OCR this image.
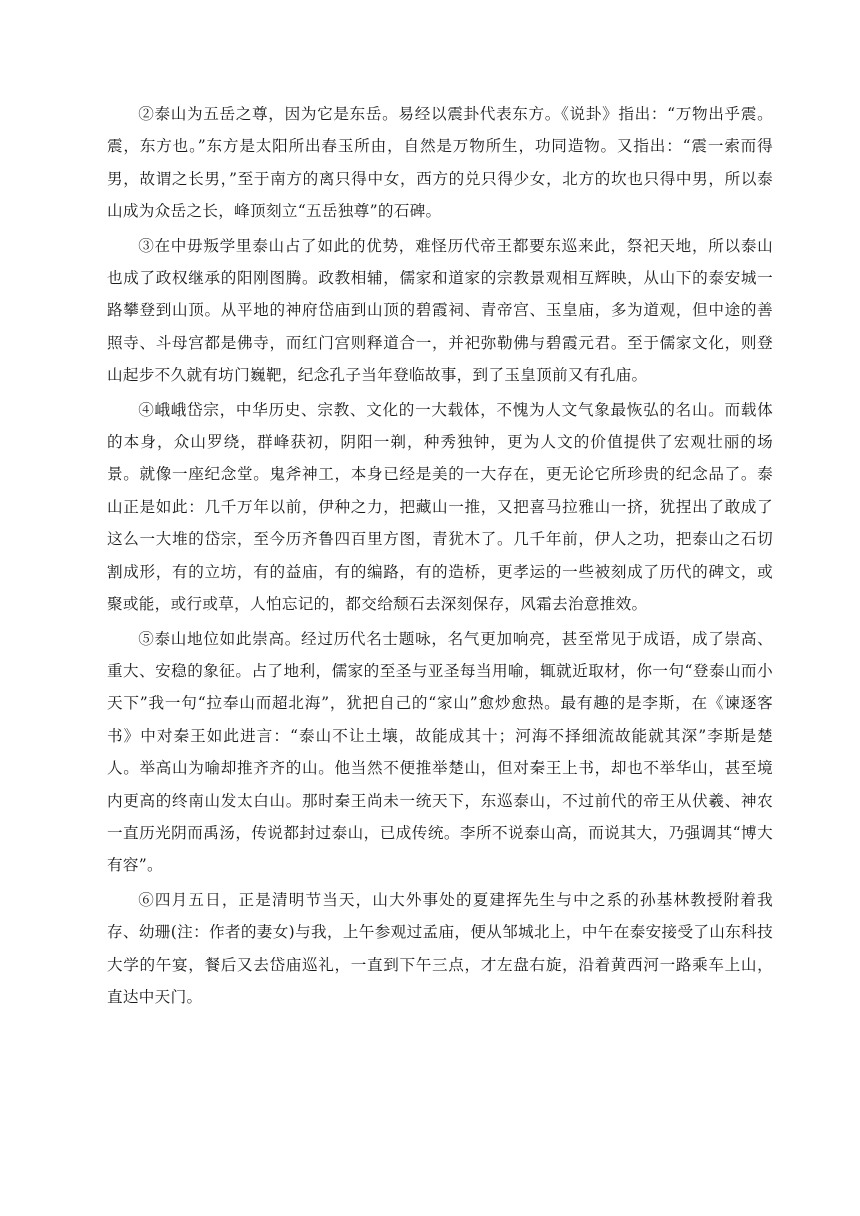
②泰山为五岳之尊，因为它是东岳。易经以震卦代表东方。《说卦》指出：“万物出乎震。震，东方也。”东方是太阳所出春玉所由，自然是万物所生，功同造物。又指出：“震一索而得男，故谓之长男，”至于南方的离只得中女，西方的兑只得少女，北方的坎也只得中男，所以泰山成为众岳之长，峰顶刻立“五岳独尊”的石碑。

③在中毋叛学里泰山占了如此的优势，难怪历代帝王都要东巡来此，祭祀天地，所以泰山也成了政权继承的阳刚图腾。政教相辅，儒家和道家的宗教景观相互辉映，从山下的泰安城一路攀登到山顶。从平地的神府岱庙到山顶的碧霞祠、青帝宫、玉皇庙，多为道观，但中途的善照寺、斗母宫都是佛寺，而红门宫则释道合一，并祀弥勒佛与碧霞元君。至于儒家文化，则登山起步不久就有坊门巍靶，纪念孔子当年登临故事，到了玉皇顶前又有孔庙。

④峨峨岱宗，中华历史、宗教、文化的一大载体，不愧为人文气象最恢弘的名山。而载体的本身，众山罗绕，群峰获初，阴阳一剃，种秀独钟，更为人文的价值提供了宏观壮丽的场景。就像一座纪念堂。鬼斧神工，本身已经是美的一大存在，更无论它所珍贵的纪念品了。泰山正是如此：几千万年以前，伊种之力，把藏山一推，又把喜马拉雅山一挤，犹捏出了敢成了这么一大堆的岱宗，至今历齐鲁四百里方图，青犹木了。几千年前，伊人之功，把泰山之石切割成形，有的立坊，有的益庙，有的编路，有的造桥，更孝运的一些被刻成了历代的碑文，或聚或能，或行或草，人怕忘记的，都交给颓石去深刻保存，风霜去治意推效。

⑤泰山地位如此崇高。经过历代名士题咏，名气更加响亮，甚至常见于成语，成了崇高、重大、安稳的象征。占了地利，儒家的至圣与亚圣每当用喻，辄就近取材，你一句“登泰山而小天下”我一句“拉奉山而超北海”，犹把自己的“家山”愈炒愈热。最有趣的是李斯，在《谏逐客书》中对秦王如此进言：“泰山不让土壤，故能成其十；河海不择细流故能就其深”李斯是楚人。举高山为喻却推齐齐的山。他当然不便推举楚山，但对秦王上书，却也不举华山，甚至境内更高的终南山发太白山。那时秦王尚未一统天下，东巡泰山，不过前代的帝王从伏羲、神农一直历光阴而禹汤，传说都封过泰山，已成传统。李所不说泰山高，而说其大，乃强调其“博大有容”。

⑥四月五日，正是清明节当天，山大外事处的夏建挥先生与中之系的孙基林教授附着我存、幼珊(注：作者的妻女)与我，上午参观过孟庙，便从邹城北上，中午在泰安接受了山东科技大学的午宴，餐后又去岱庙巡礼，一直到下午三点，才左盘右旋，沿着黄西河一路乘车上山，直达中天门。
